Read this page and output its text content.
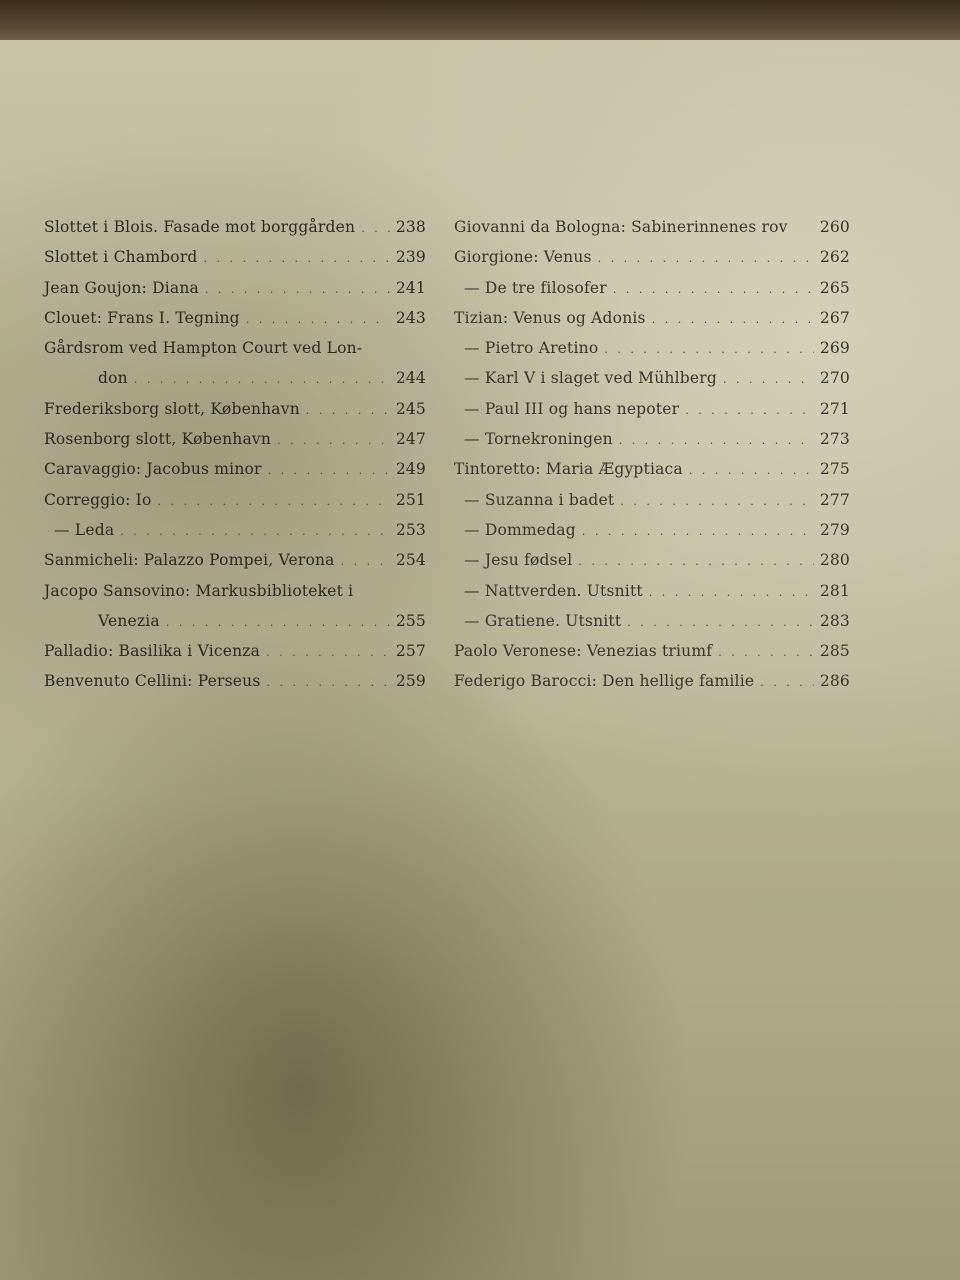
Slottet i Blois. Fasade mot borggården . . .	238
Slottet i Chambord . . .	239
Jean Goujon: Diana . . .	241
Clouet: Frans I. Tegning . . .	243
Gårdsrom ved Hampton Court ved Lon-
don . . .	244
Frederiksborg slott, København . . .	245
Rosenborg slott, København . . .	247
Caravaggio: Jacobus minor . . .	249
Correggio: Io . . .	251
— Leda . . .	253
Sanmicheli: Palazzo Pompei, Verona . . .	254
Jacopo Sansovino: Markusbiblioteket i
Venezia . . .	255
Palladio: Basilika i Vicenza . . .	257
Benvenuto Cellini: Perseus . . .	259
Giovanni da Bologna: Sabinerinnenes rov 260
Giorgione: Venus . . .	262
— De tre filosofer . . .	265
Tizian: Venus og Adonis . . .	267
— Pietro Aretino . . .	269
— Karl V i slaget ved Mühlberg . . .	270
— Paul III og hans nepoter . . .	271
— Tornekroningen . . .	273
Tintoretto: Maria Ægyptiaca . . .	275
— Suzanna i badet . . .	277
— Dommedag . . .	279
— Jesu fødsel . . .	280
— Nattverden. Utsnitt . . .	281
— Gratiene. Utsnitt . . .	283
Paolo Veronese: Venezias triumf . . .	285
Federigo Barocci: Den hellige familie . . .	286
